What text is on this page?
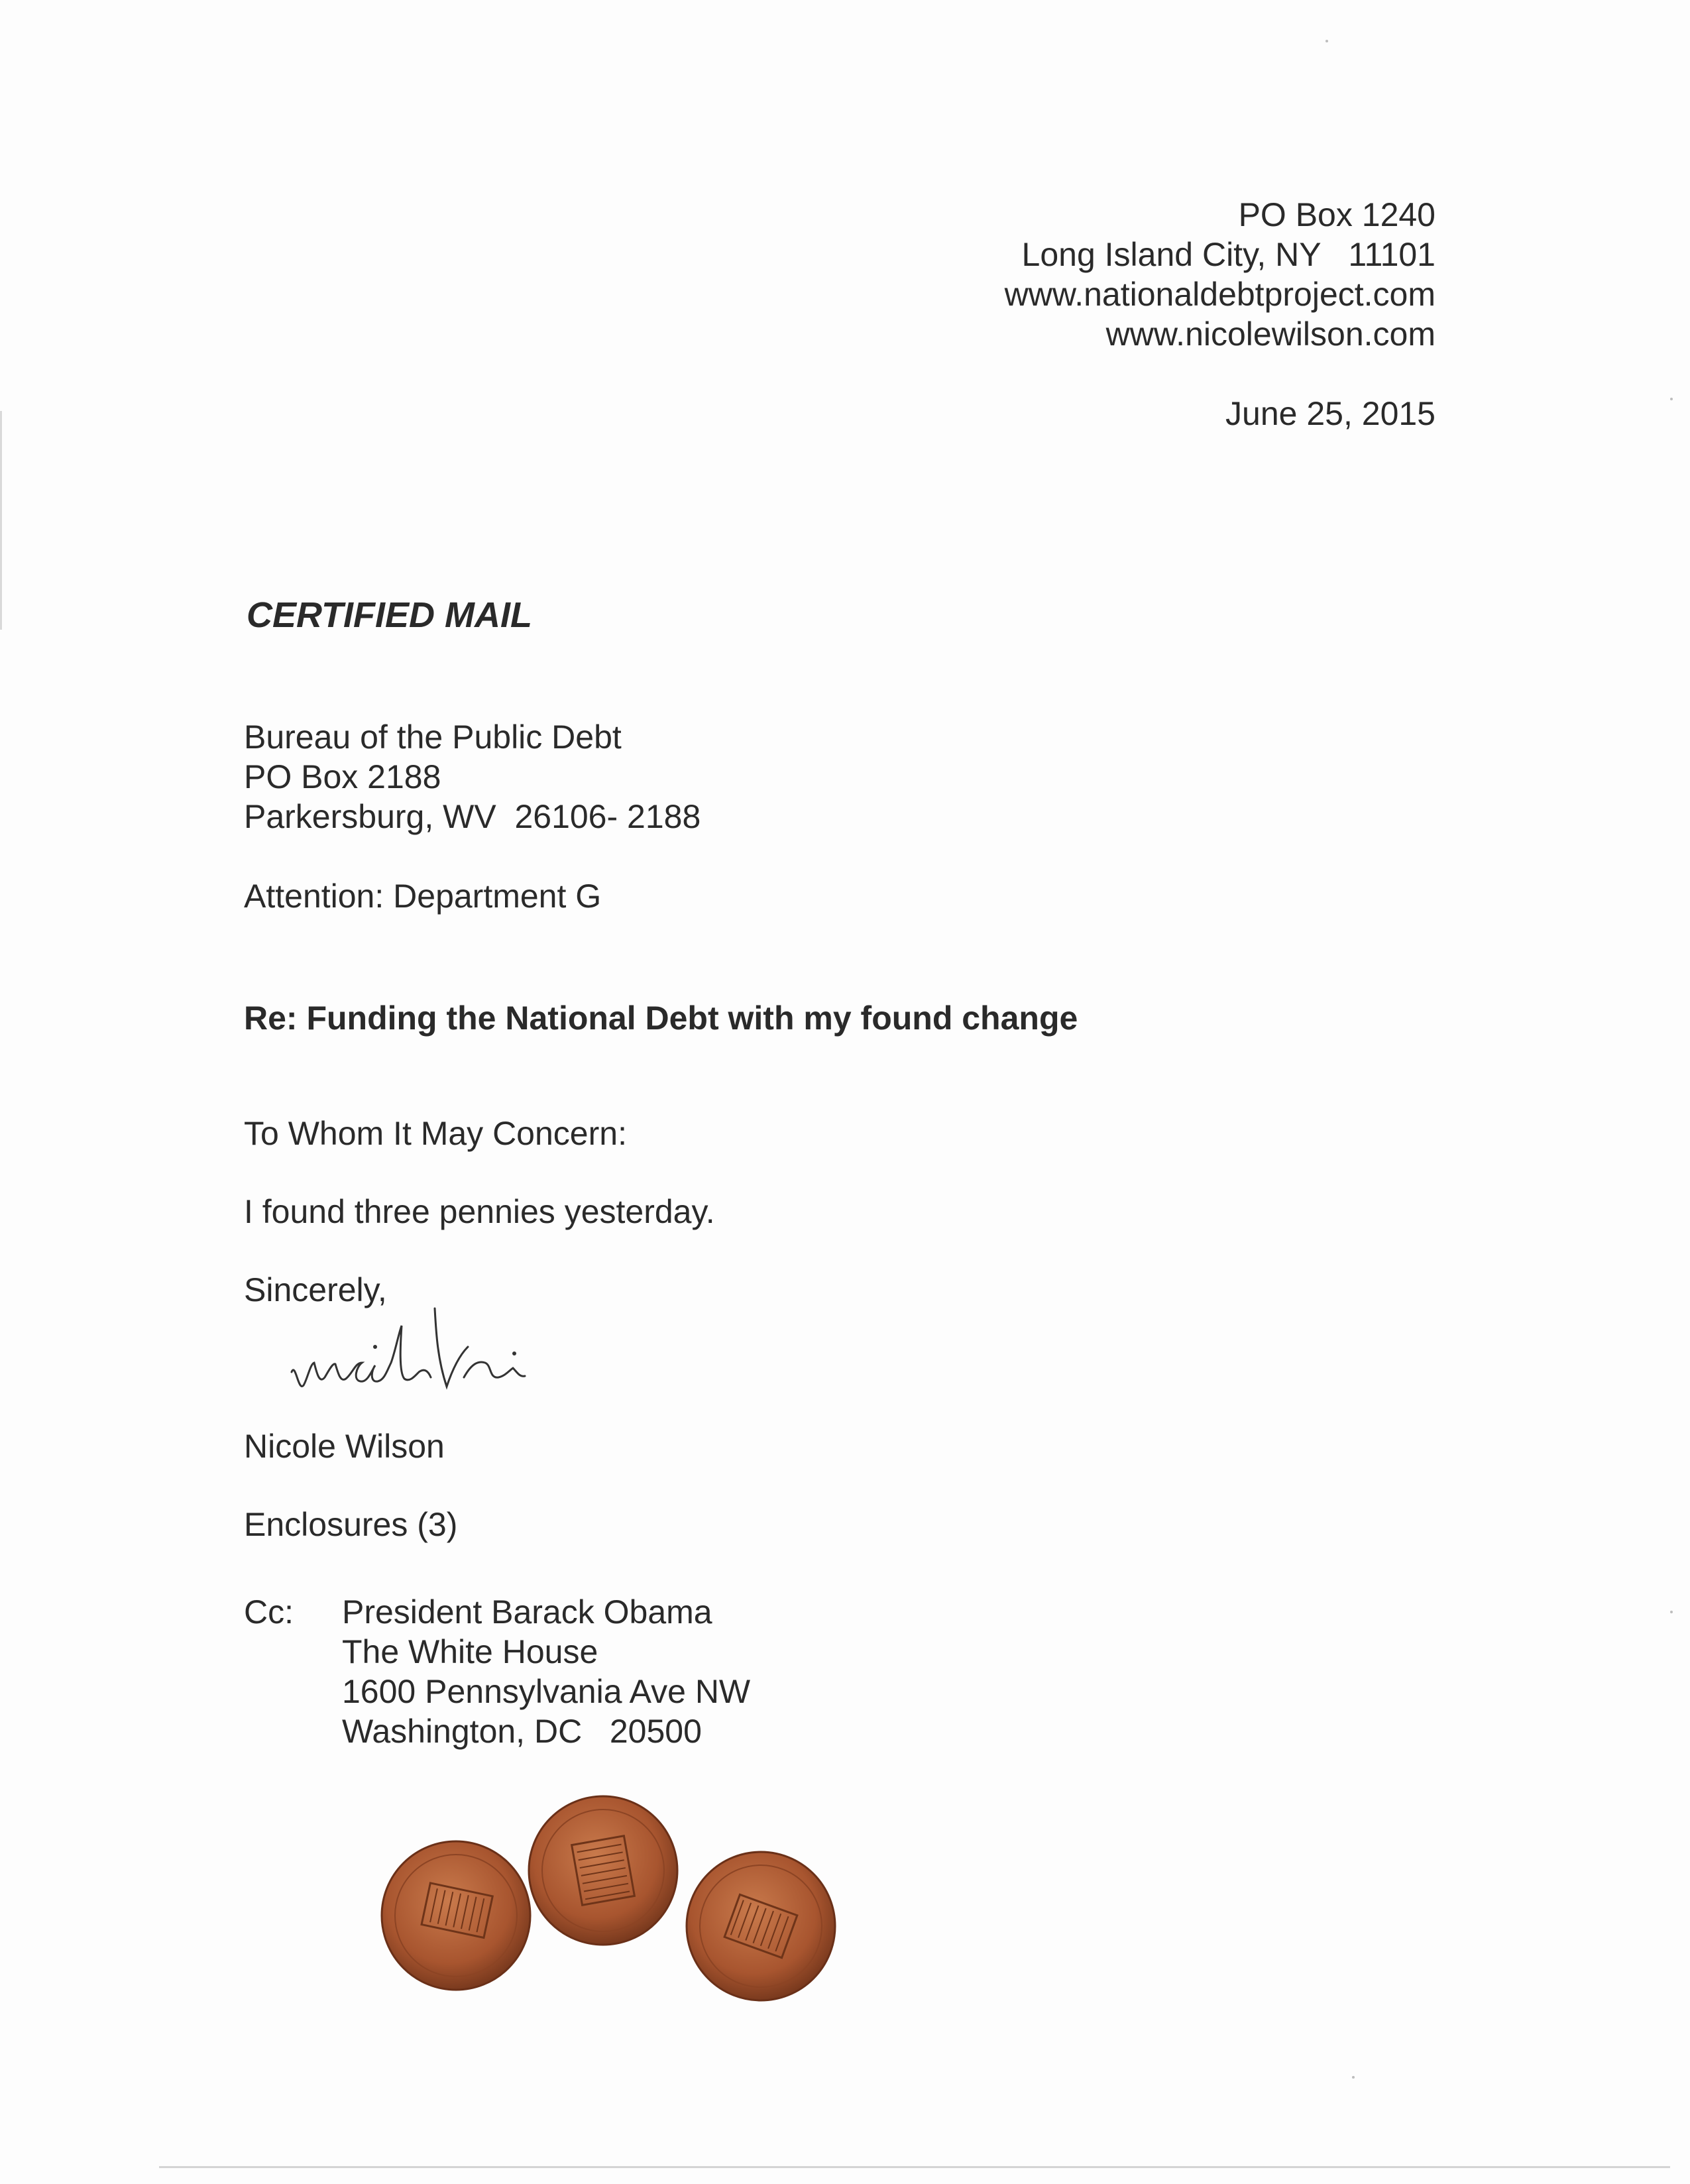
PO Box 1240
Long Island City, NY   11101
www.nationaldebtproject.com
www.nicolewilson.com
June 25, 2015
CERTIFIED MAIL
Bureau of the Public Debt
PO Box 2188
Parkersburg, WV  26106- 2188
Attention: Department G
Re: Funding the National Debt with my found change
To Whom It May Concern:
I found three pennies yesterday.
Sincerely,
Nicole Wilson
Enclosures (3)
Cc: President Barack Obama
The White House
1600 Pennsylvania Ave NW
Washington, DC   20500
